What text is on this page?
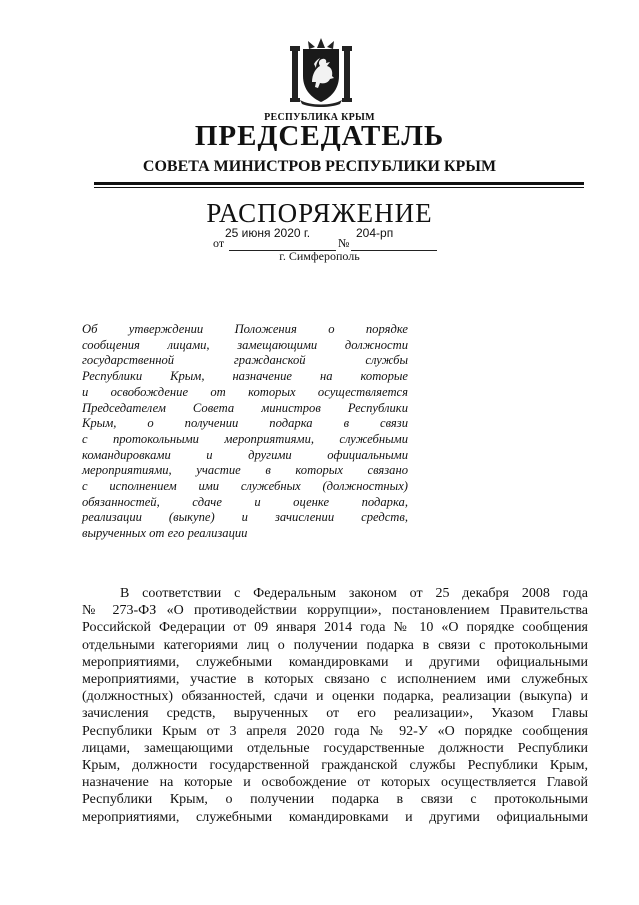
РЕСПУБЛИКА КРЫМ
ПРЕДСЕДАТЕЛЬ
СОВЕТА МИНИСТРОВ РЕСПУБЛИКИ КРЫМ
РАСПОРЯЖЕНИЕ
25 июня 2020 г.	204-рп
от	№
г. Симферополь
Об утверждении Положения о порядке
сообщения лицами, замещающими должности
государственной гражданской службы
Республики Крым, назначение на которые
и освобождение от которых осуществляется
Председателем Совета министров Республики
Крым, о получении подарка в связи
с протокольными мероприятиями, служебными
командировками и другими официальными
мероприятиями, участие в которых связано
с исполнением ими служебных (должностных)
обязанностей, сдаче и оценке подарка,
реализации (выкупе) и зачислении средств,
вырученных от его реализации
В соответствии с Федеральным законом от 25 декабря 2008 года
№ 273-ФЗ «О противодействии коррупции», постановлением Правительства
Российской Федерации от 09 января 2014 года № 10 «О порядке сообщения
отдельными категориями лиц о получении подарка в связи с протокольными
мероприятиями, служебными командировками и другими официальными
мероприятиями, участие в которых связано с исполнением ими служебных
(должностных) обязанностей, сдачи и оценки подарка, реализации (выкупа) и
зачисления средств, вырученных от его реализации», Указом Главы
Республики Крым от 3 апреля 2020 года № 92-У «О порядке сообщения
лицами, замещающими отдельные государственные должности Республики
Крым, должности государственной гражданской службы Республики Крым,
назначение на которые и освобождение от которых осуществляется Главой
Республики Крым, о получении подарка в связи с протокольными
мероприятиями, служебными командировками и другими официальными
